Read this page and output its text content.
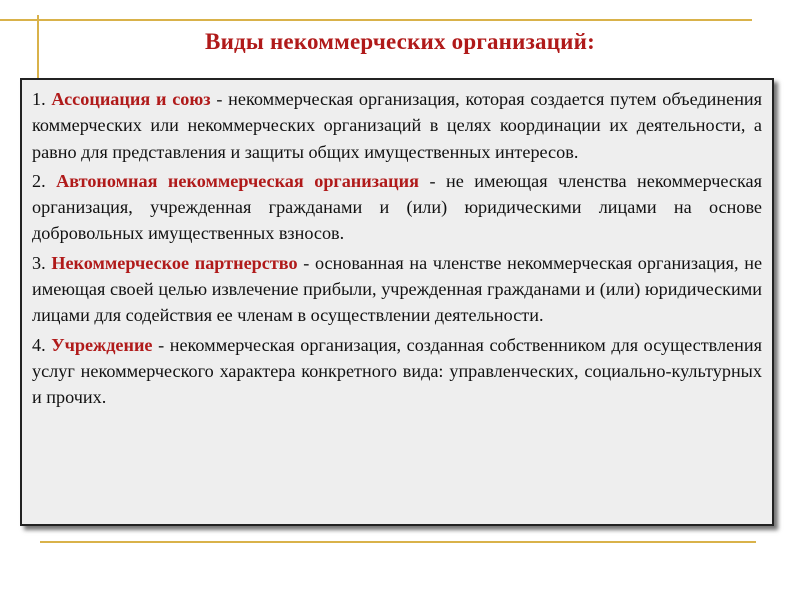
Виды некоммерческих организаций:

1. Ассоциация и союз - некоммерческая организация, которая создается путем объединения коммерческих или некоммерческих организаций в целях координации их деятельности, а равно для представления и защиты общих имущественных интересов.

2. Автономная некоммерческая организация - не имеющая членства некоммерческая организация, учрежденная гражданами и (или) юридическими лицами на основе добровольных имущественных взносов.

3. Некоммерческое партнерство - основанная на членстве некоммерческая организация, не имеющая своей целью извлечение прибыли, учрежденная гражданами и (или) юридическими лицами для содействия ее членам в осуществлении деятельности.

4. Учреждение - некоммерческая организация, созданная собственником для осуществления услуг некоммерческого характера конкретного вида: управленческих, социально-культурных и прочих.
